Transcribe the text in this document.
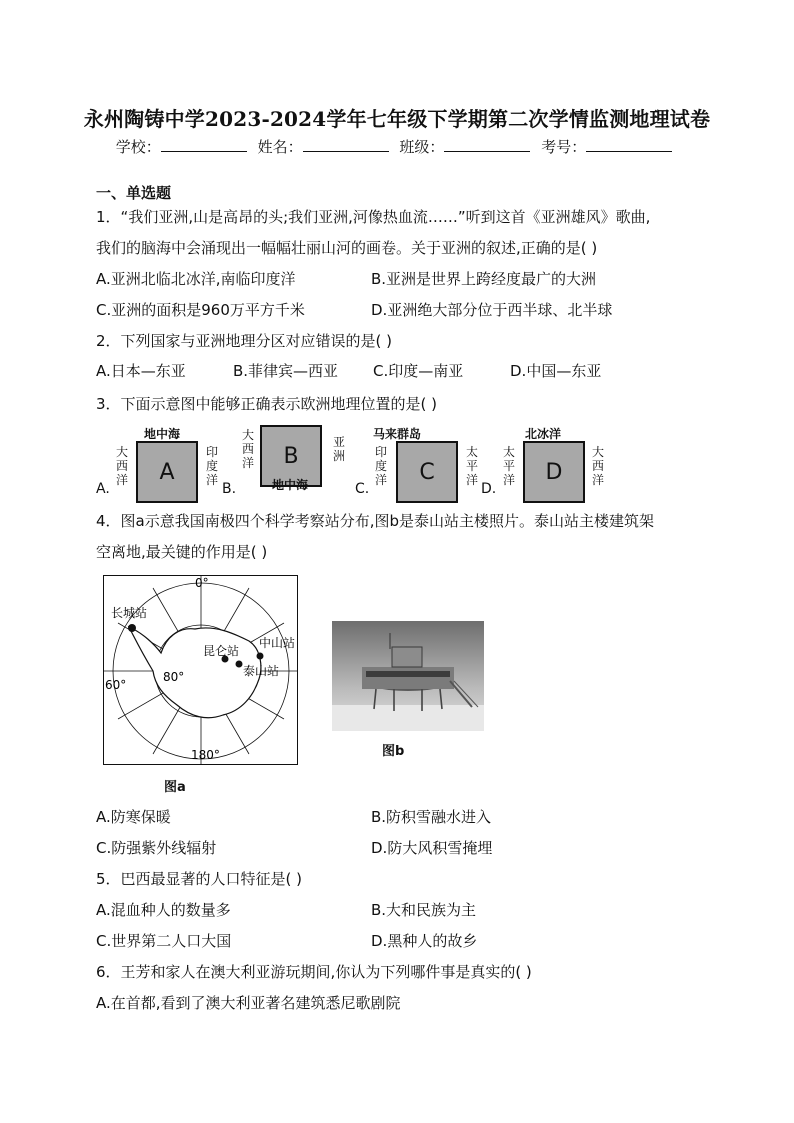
永州陶铸中学2023-2024学年七年级下学期第二次学情监测地理试卷
学校：	姓名：	班级：	考号：
一、单选题
1．“我们亚洲,山是高昂的头;我们亚洲,河像热血流……”听到这首《亚洲雄风》歌曲,
我们的脑海中会涌现出一幅幅壮丽山河的画卷。关于亚洲的叙述,正确的是( )
A.亚洲北临北冰洋,南临印度洋	B.亚洲是世界上跨经度最广的大洲
C.亚洲的面积是960万平方千米	D.亚洲绝大部分位于西半球、北半球
2．下列国家与亚洲地理分区对应错误的是( )
A.日本—东亚	B.菲律宾—西亚 C.印度—南亚	D.中国—东亚
3．下面示意图中能够正确表示欧洲地理位置的是( )
A.
大西洋
地中海
A
印度洋
B.
大西洋 B
亚洲
地中海	C.
印度洋
马来群岛
C
太平洋
D.
太平洋
北冰洋
D
大西洋
4．图a示意我国南极四个科学考察站分布,图b是泰山站主楼照片。泰山站主楼建筑架
空离地,最关键的作用是( )
长城站
昆仑站
中山站
泰山站
0°
60°
80°
180°
图a
图b
A.防寒保暖	B.防积雪融水进入
C.防强紫外线辐射	D.防大风积雪掩埋
5．巴西最显著的人口特征是( )
A.混血种人的数量多	B.大和民族为主
C.世界第二人口大国	D.黑种人的故乡
6．王芳和家人在澳大利亚游玩期间,你认为下列哪件事是真实的( )
A.在首都,看到了澳大利亚著名建筑悉尼歌剧院
